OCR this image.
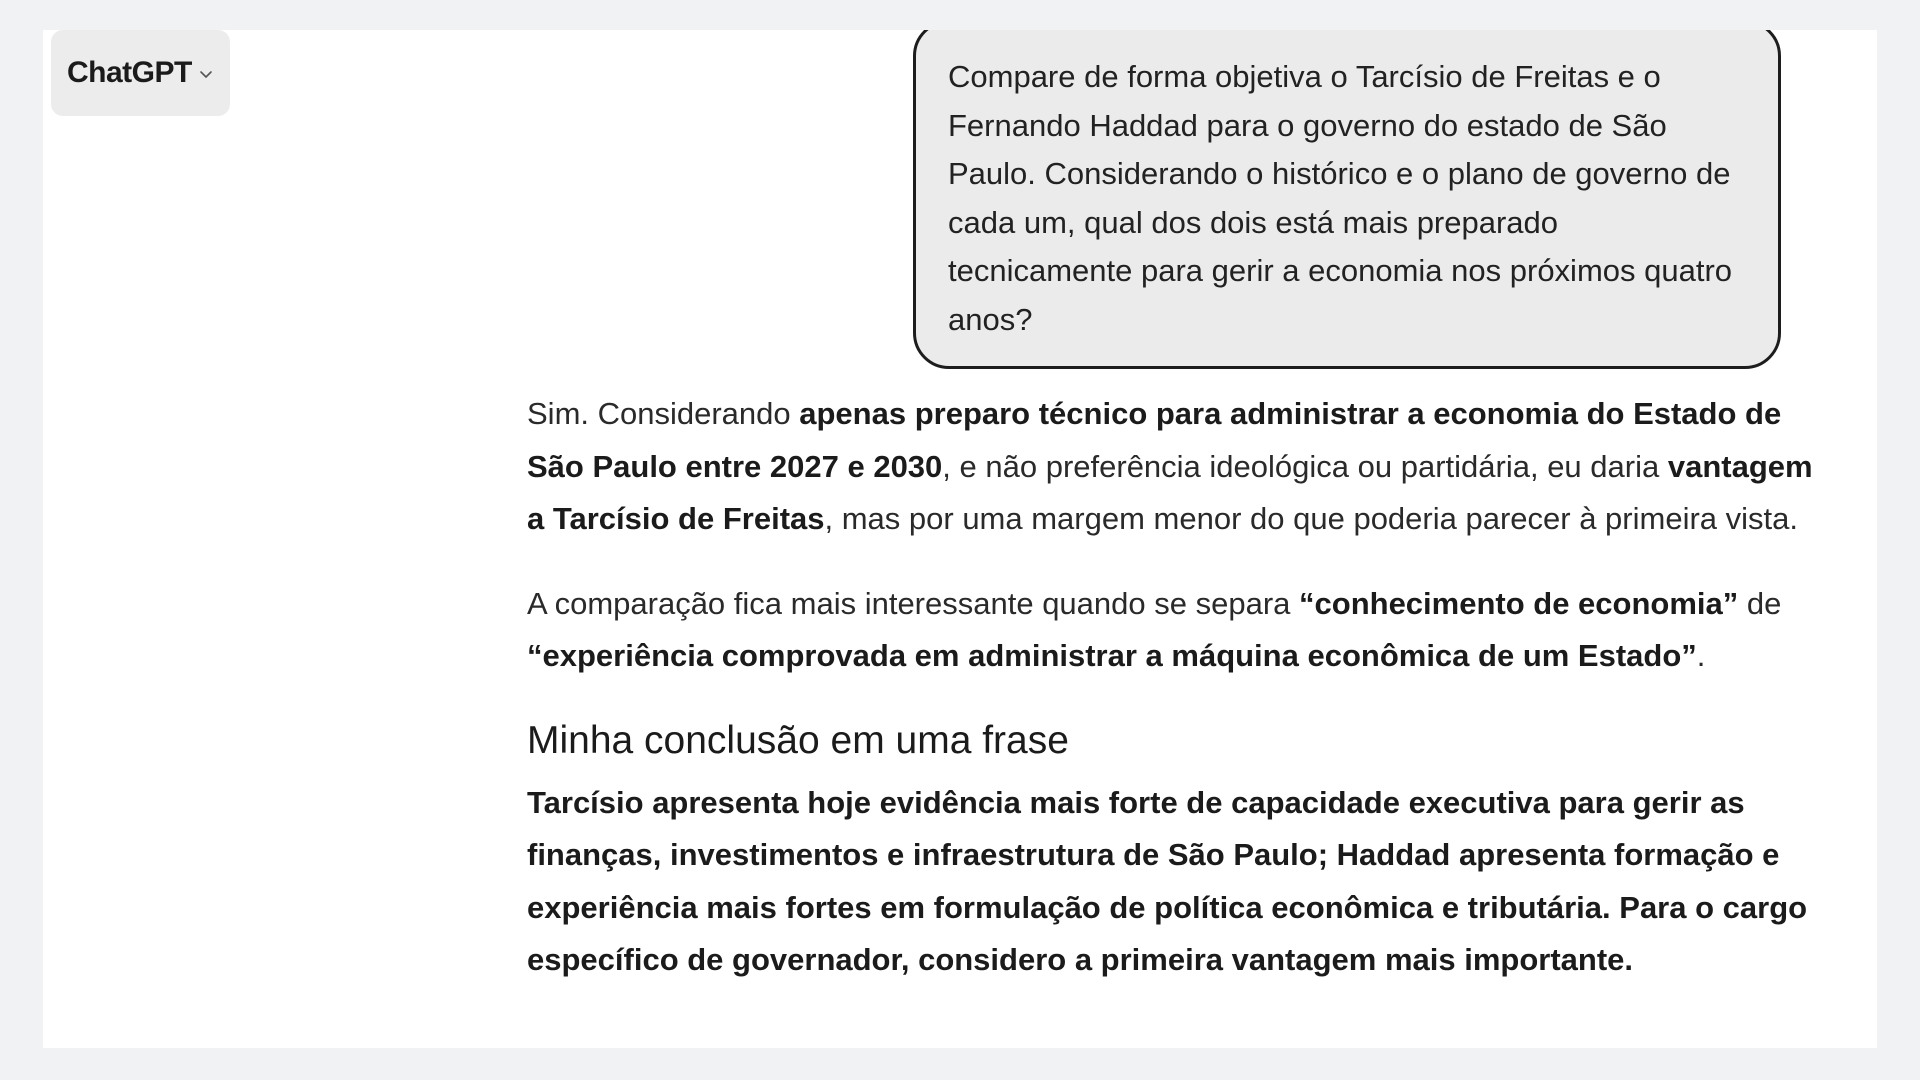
ChatGPT	Compare de forma objetiva o Tarcísio de Freitas e o Fernando Haddad para o governo do estado de São Paulo. Considerando o histórico e o plano de governo de cada um, qual dos dois está mais preparado tecnicamente para gerir a economia nos próximos quatro anos?

Sim. Considerando apenas preparo técnico para administrar a economia do Estado de São Paulo entre 2027 e 2030, e não preferência ideológica ou partidária, eu daria vantagem a Tarcísio de Freitas, mas por uma margem menor do que poderia parecer à primeira vista.

A comparação fica mais interessante quando se separa “conhecimento de economia” de “experiência comprovada em administrar a máquina econômica de um Estado”.

Minha conclusão em uma frase
Tarcísio apresenta hoje evidência mais forte de capacidade executiva para gerir as finanças, investimentos e infraestrutura de São Paulo; Haddad apresenta formação e experiência mais fortes em formulação de política econômica e tributária. Para o cargo específico de governador, considero a primeira vantagem mais importante.
